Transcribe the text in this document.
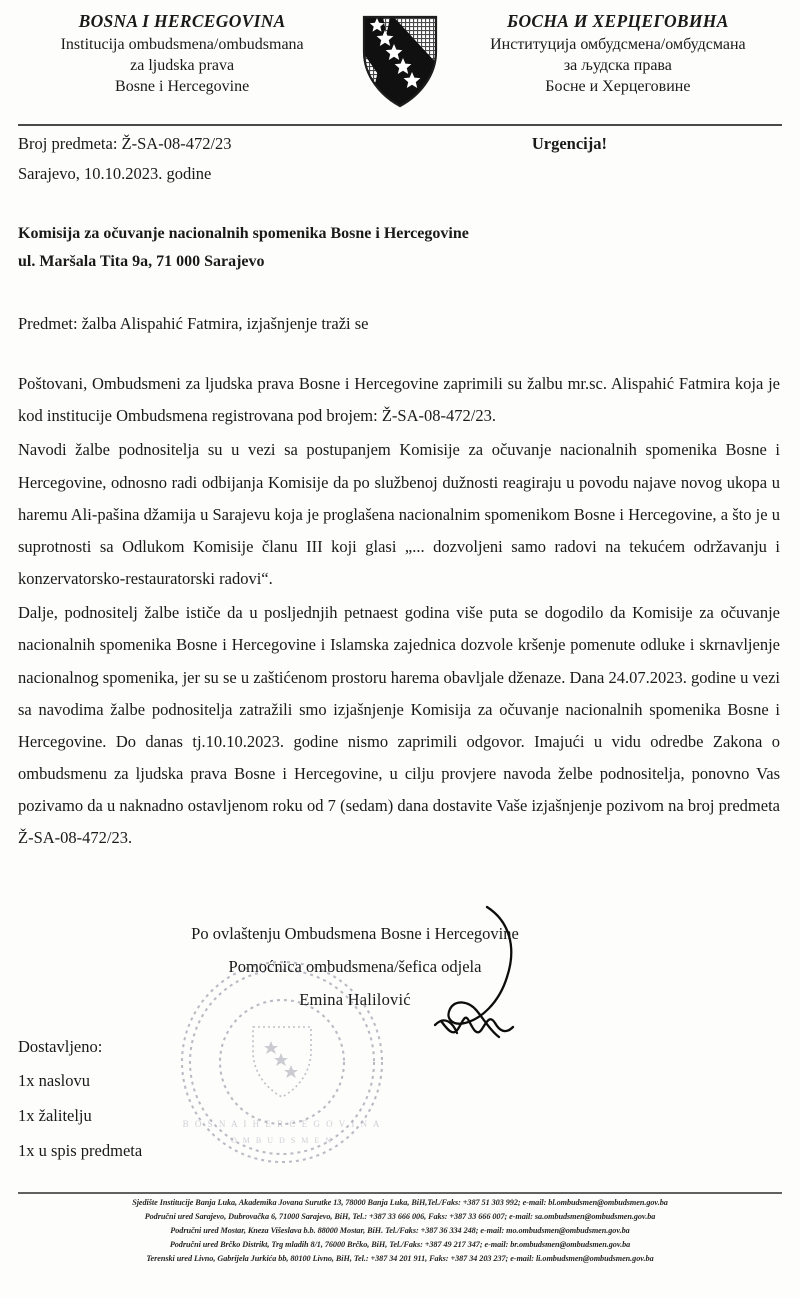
BOSNA I HERCEGOVINA
Institucija ombudsmena/ombudsmana
za ljudska prava
Bosne i Hercegovine
БОСНА И ХЕРЦЕГОВИНА
Институција омбудсмена/омбудсмана
за људска права
Босне и Херцеговине
Broj predmeta: Ž-SA-08-472/23	Urgencija!
Sarajevo, 10.10.2023. godine
Komisija za očuvanje nacionalnih spomenika Bosne i Hercegovine
ul. Maršala Tita 9a, 71 000 Sarajevo
Predmet: žalba Alispahić Fatmira, izjašnjenje traži se

Poštovani, Ombudsmeni za ljudska prava Bosne i Hercegovine zaprimili su žalbu mr.sc. Alispahić Fatmira koja je kod institucije Ombudsmena registrovana pod brojem: Ž-SA-08-472/23.

Navodi žalbe podnositelja su u vezi sa postupanjem Komisije za očuvanje nacionalnih spomenika Bosne i Hercegovine, odnosno radi odbijanja Komisije da po službenoj dužnosti reagiraju u povodu najave novog ukopa u haremu Ali-pašina džamija u Sarajevu koja je proglašena nacionalnim spomenikom Bosne i Hercegovine, a što je u suprotnosti sa Odlukom Komisije članu III koji glasi „... dozvoljeni samo radovi na tekućem održavanju i konzervatorsko-restauratorski radovi“.

Dalje, podnositelj žalbe ističe da u posljednjih petnaest godina više puta se dogodilo da Komisije za očuvanje nacionalnih spomenika Bosne i Hercegovine i Islamska zajednica dozvole kršenje pomenute odluke i skrnavljenje nacionalnog spomenika, jer su se u zaštićenom prostoru harema obavljale dženaze. Dana 24.07.2023. godine u vezi sa navodima žalbe podnositelja zatražili smo izjašnjenje Komisija za očuvanje nacionalnih spomenika Bosne i Hercegovine. Do danas tj.10.10.2023. godine nismo zaprimili odgovor. Imajući u vidu odredbe Zakona o ombudsmenu za ljudska prava Bosne i Hercegovine, u cilju provjere navoda želbe podnositelja, ponovno Vas pozivamo da u naknadno ostavljenom roku od 7 (sedam) dana dostavite Vaše izjašnjenje pozivom na broj predmeta Ž-SA-08-472/23.

B O S N A I H E R C E G O V I N A
O M B U D S M E N
Po ovlaštenju Ombudsmena Bosne i Hercegovine
Pomoćnica ombudsmena/šefica odjela
Emina Halilović
Dostavljeno:
1x naslovu
1x žalitelju
1x u spis predmeta
Sjedište Institucije Banja Luka, Akademika Jovana Surutke 13, 78000 Banja Luka, BiH,Tel./Faks: +387 51 303 992; e-mail: bl.ombudsmen@ombudsmen.gov.ba
Područni ured Sarajevo, Dubrovačka 6, 71000 Sarajevo, BiH, Tel.: +387 33 666 006, Faks: +387 33 666 007; e-mail: sa.ombudsmen@ombudsmen.gov.ba
Područni ured Mostar, Kneza Višeslava b.b. 88000 Mostar, BiH. Tel./Faks: +387 36 334 248; e-mail: mo.ombudsmen@ombudsmen.gov.ba
Područni ured Brčko Distrikt, Trg mladih 8/1, 76000 Brčko, BiH, Tel./Faks: +387 49 217 347; e-mail: br.ombudsmen@ombudsmen.gov.ba
Terenski ured Livno, Gabrijela Jurkića bb, 80100 Livno, BiH, Tel.: +387 34 201 911, Faks: +387 34 203 237; e-mail: li.ombudsmen@ombudsmen.gov.ba
